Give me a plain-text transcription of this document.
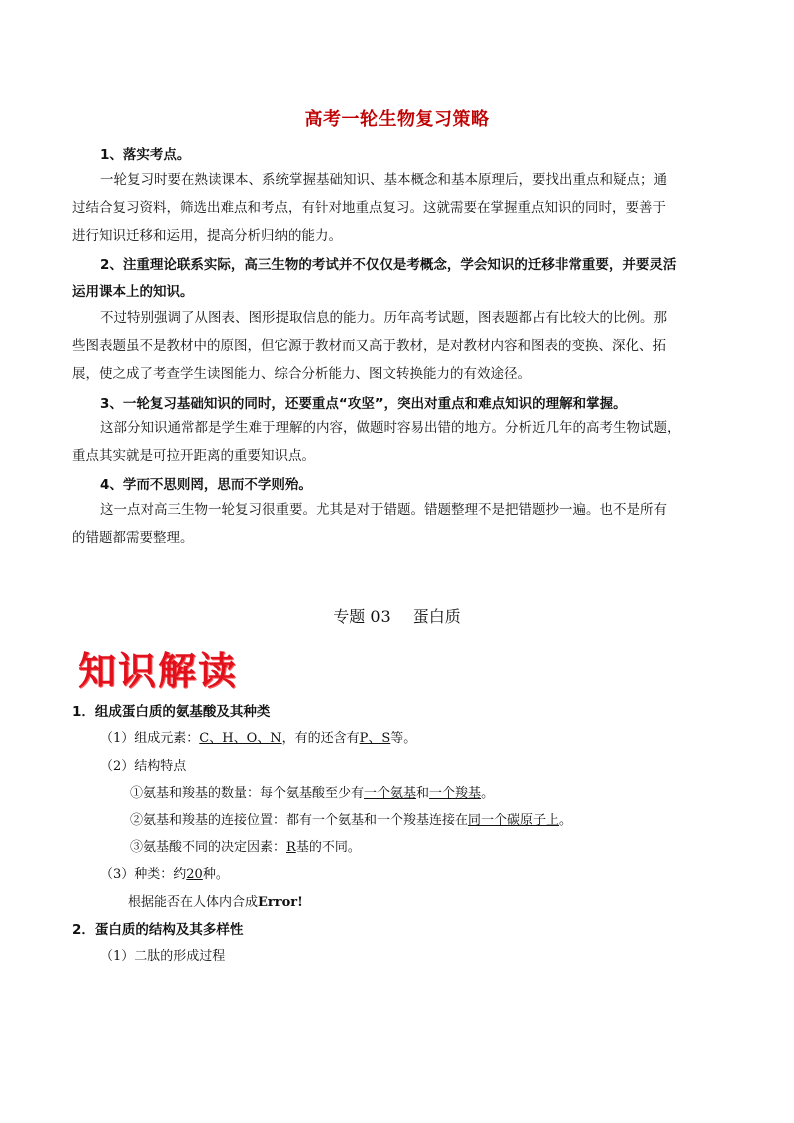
高考一轮生物复习策略
1、落实考点。
一轮复习时要在熟读课本、系统掌握基础知识、基本概念和基本原理后，要找出重点和疑点；通
过结合复习资料，筛选出难点和考点，有针对地重点复习。这就需要在掌握重点知识的同时，要善于
进行知识迁移和运用，提高分析归纳的能力。
2、注重理论联系实际，高三生物的考试并不仅仅是考概念，学会知识的迁移非常重要，并要灵活
运用课本上的知识。
不过特别强调了从图表、图形提取信息的能力。历年高考试题，图表题都占有比较大的比例。那
些图表题虽不是教材中的原图，但它源于教材而又高于教材，是对教材内容和图表的变换、深化、拓
展，使之成了考查学生读图能力、综合分析能力、图文转换能力的有效途径。
3、一轮复习基础知识的同时，还要重点“攻坚”，突出对重点和难点知识的理解和掌握。
这部分知识通常都是学生难于理解的内容，做题时容易出错的地方。分析近几年的高考生物试题，
重点其实就是可拉开距离的重要知识点。
4、学而不思则罔，思而不学则殆。
这一点对高三生物一轮复习很重要。尤其是对于错题。错题整理不是把错题抄一遍。也不是所有
的错题都需要整理。
专题 03 蛋白质
知识解读
1．组成蛋白质的氨基酸及其种类
（1）组成元素：C、H、O、N，有的还含有P、S等。
（2）结构特点
①氨基和羧基的数量：每个氨基酸至少有一个氨基和一个羧基。
②氨基和羧基的连接位置：都有一个氨基和一个羧基连接在同一个碳原子上。
③氨基酸不同的决定因素：R基的不同。
（3）种类：约20种。
根据能否在人体内合成Error!
2．蛋白质的结构及其多样性
（1）二肽的形成过程
